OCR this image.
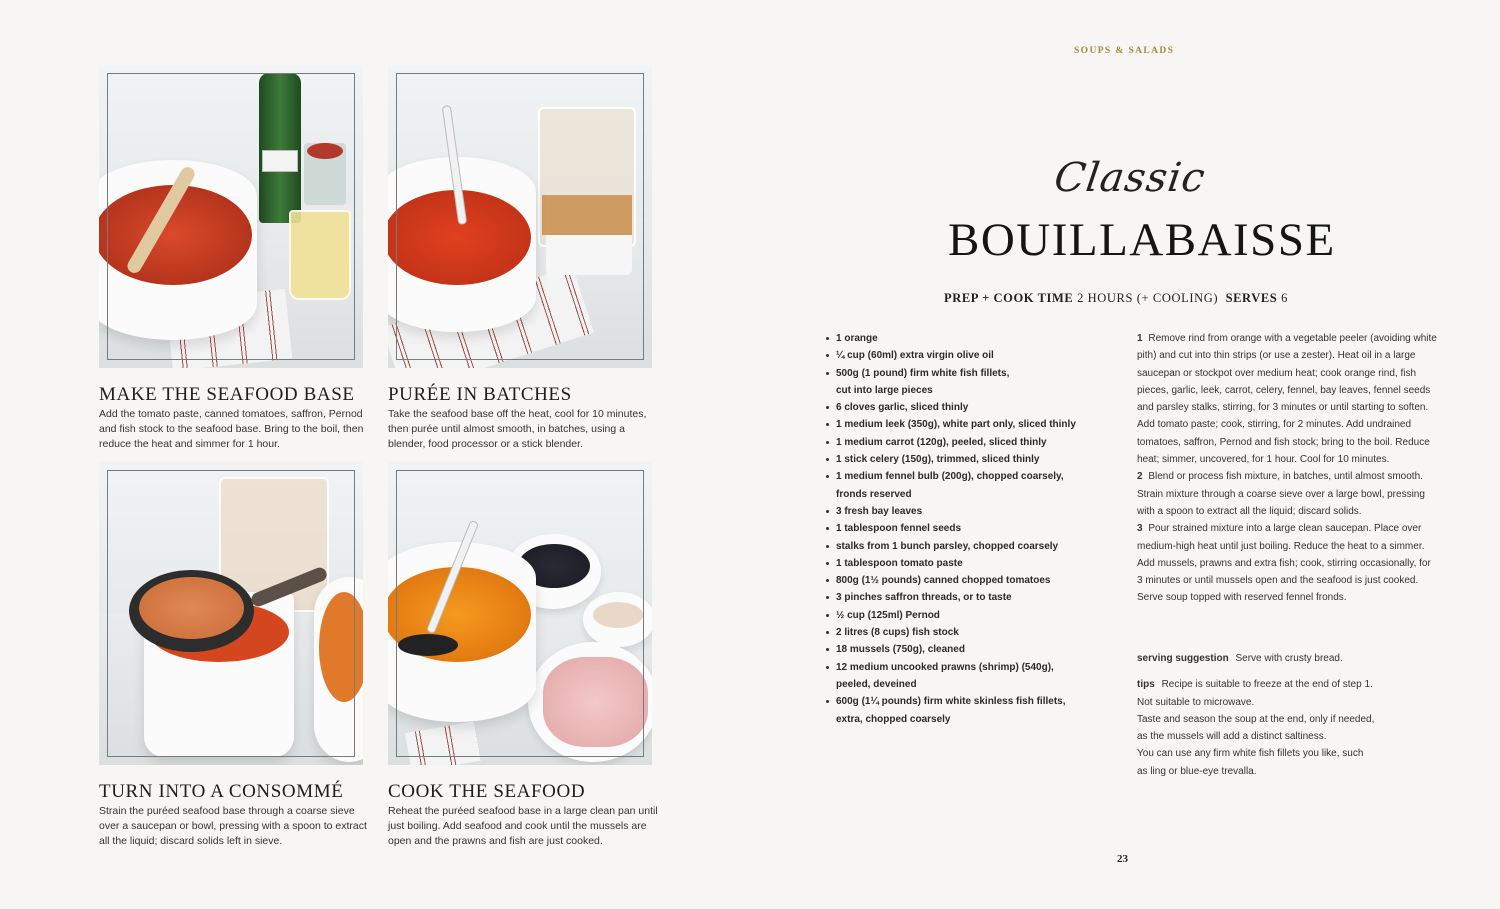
MAKE THE SEAFOOD BASE

Add the tomato paste, canned tomatoes, saffron, Pernod and fish stock to the seafood base. Bring to the boil, then reduce the heat and simmer for 1 hour.

PURÉE IN BATCHES

Take the seafood base off the heat, cool for 10 minutes, then purée until almost smooth, in batches, using a blender, food processor or a stick blender.

TURN INTO A CONSOMMÉ

Strain the puréed seafood base through a coarse sieve over a saucepan or bowl, pressing with a spoon to extract all the liquid; discard solids left in sieve.

COOK THE SEAFOOD

Reheat the puréed seafood base in a large clean pan until just boiling. Add seafood and cook until the mussels are open and the prawns and fish are just cooked.

SOUPS & SALADS
Classic
BOUILLABAISSE
PREP + COOK TIME 2 HOURS (+ COOLING) SERVES 6
1 orange
¼ cup (60ml) extra virgin olive oil
500g (1 pound) firm white fish fillets, cut into large pieces
6 cloves garlic, sliced thinly
1 medium leek (350g), white part only, sliced thinly
1 medium carrot (120g), peeled, sliced thinly
1 stick celery (150g), trimmed, sliced thinly
1 medium fennel bulb (200g), chopped coarsely, fronds reserved
3 fresh bay leaves
1 tablespoon fennel seeds
stalks from 1 bunch parsley, chopped coarsely
1 tablespoon tomato paste
800g (1½ pounds) canned chopped tomatoes
3 pinches saffron threads, or to taste
½ cup (125ml) Pernod
2 litres (8 cups) fish stock
18 mussels (750g), cleaned
12 medium uncooked prawns (shrimp) (540g), peeled, deveined
600g (1¼ pounds) firm white skinless fish fillets, extra, chopped coarsely

1 Remove rind from orange with a vegetable peeler (avoiding white pith) and cut into thin strips (or use a zester). Heat oil in a large saucepan or stockpot over medium heat; cook orange rind, fish pieces, garlic, leek, carrot, celery, fennel, bay leaves, fennel seeds and parsley stalks, stirring, for 3 minutes or until starting to soften. Add tomato paste; cook, stirring, for 2 minutes. Add undrained tomatoes, saffron, Pernod and fish stock; bring to the boil. Reduce heat; simmer, uncovered, for 1 hour. Cool for 10 minutes.

2 Blend or process fish mixture, in batches, until almost smooth. Strain mixture through a coarse sieve over a large bowl, pressing with a spoon to extract all the liquid; discard solids.

3 Pour strained mixture into a large clean saucepan. Place over medium-high heat until just boiling. Reduce the heat to a simmer. Add mussels, prawns and extra fish; cook, stirring occasionally, for 3 minutes or until mussels open and the seafood is just cooked. Serve soup topped with reserved fennel fronds.

serving suggestion Serve with crusty bread.
tips Recipe is suitable to freeze at the end of step 1.
Not suitable to microwave.
Taste and season the soup at the end, only if needed,
as the mussels will add a distinct saltiness.
You can use any firm white fish fillets you like, such
as ling or blue-eye trevalla.
23
